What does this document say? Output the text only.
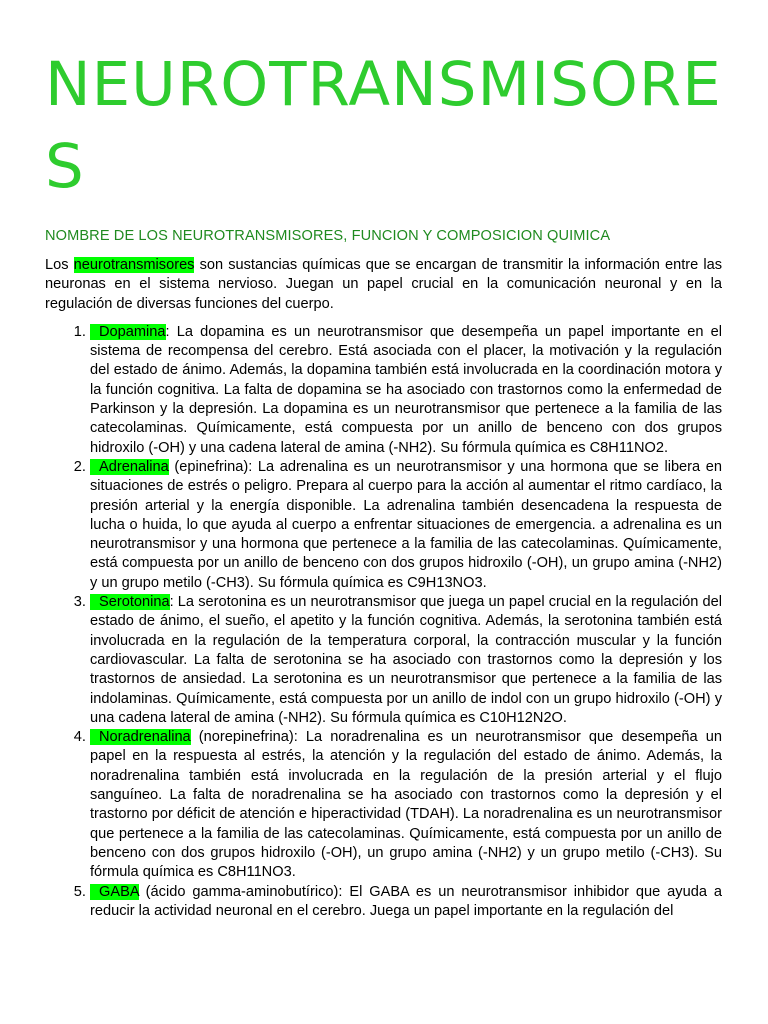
NEUROTRANSMISORES
NOMBRE DE LOS NEUROTRANSMISORES, FUNCION Y COMPOSICION QUIMICA

Los neurotransmisores son sustancias químicas que se encargan de transmitir la información entre las neuronas en el sistema nervioso. Juegan un papel crucial en la comunicación neuronal y en la regulación de diversas funciones del cuerpo.

1. Dopamina: La dopamina es un neurotransmisor que desempeña un papel importante en el sistema de recompensa del cerebro. Está asociada con el placer, la motivación y la regulación del estado de ánimo. Además, la dopamina también está involucrada en la coordinación motora y la función cognitiva. La falta de dopamina se ha asociado con trastornos como la enfermedad de Parkinson y la depresión. La dopamina es un neurotransmisor que pertenece a la familia de las catecolaminas. Químicamente, está compuesta por un anillo de benceno con dos grupos hidroxilo (-OH) y una cadena lateral de amina (-NH2). Su fórmula química es C8H11NO2.
2. Adrenalina (epinefrina): La adrenalina es un neurotransmisor y una hormona que se libera en situaciones de estrés o peligro. Prepara al cuerpo para la acción al aumentar el ritmo cardíaco, la presión arterial y la energía disponible. La adrenalina también desencadena la respuesta de lucha o huida, lo que ayuda al cuerpo a enfrentar situaciones de emergencia. a adrenalina es un neurotransmisor y una hormona que pertenece a la familia de las catecolaminas. Químicamente, está compuesta por un anillo de benceno con dos grupos hidroxilo (-OH), un grupo amina (-NH2) y un grupo metilo (-CH3). Su fórmula química es C9H13NO3.
3. Serotonina: La serotonina es un neurotransmisor que juega un papel crucial en la regulación del estado de ánimo, el sueño, el apetito y la función cognitiva. Además, la serotonina también está involucrada en la regulación de la temperatura corporal, la contracción muscular y la función cardiovascular. La falta de serotonina se ha asociado con trastornos como la depresión y los trastornos de ansiedad. La serotonina es un neurotransmisor que pertenece a la familia de las indolaminas. Químicamente, está compuesta por un anillo de indol con un grupo hidroxilo (-OH) y una cadena lateral de amina (-NH2). Su fórmula química es C10H12N2O.
4. Noradrenalina (norepinefrina): La noradrenalina es un neurotransmisor que desempeña un papel en la respuesta al estrés, la atención y la regulación del estado de ánimo. Además, la noradrenalina también está involucrada en la regulación de la presión arterial y el flujo sanguíneo. La falta de noradrenalina se ha asociado con trastornos como la depresión y el trastorno por déficit de atención e hiperactividad (TDAH). La noradrenalina es un neurotransmisor que pertenece a la familia de las catecolaminas. Químicamente, está compuesta por un anillo de benceno con dos grupos hidroxilo (-OH), un grupo amina (-NH2) y un grupo metilo (-CH3). Su fórmula química es C8H11NO3.
5. GABA (ácido gamma-aminobutírico): El GABA es un neurotransmisor inhibidor que ayuda a reducir la actividad neuronal en el cerebro. Juega un papel importante en la regulación del
